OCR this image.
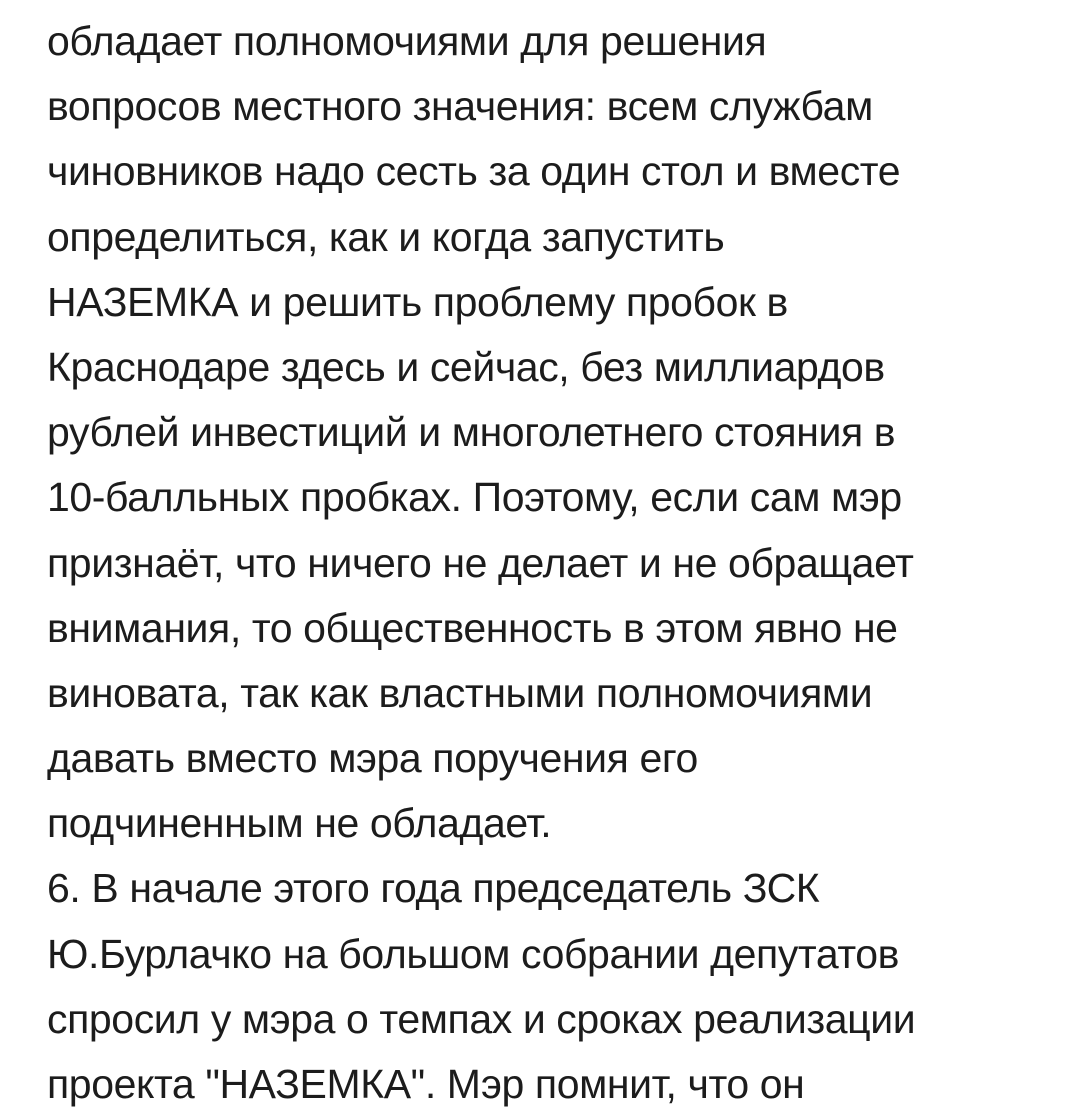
обладает полномочиями для решения
вопросов местного значения: всем службам
чиновников надо сесть за один стол и вместе
определиться, как и когда запустить
НАЗЕМКА и решить проблему пробок в
Краснодаре здесь и сейчас, без миллиардов
рублей инвестиций и многолетнего стояния в
10-балльных пробках. Поэтому, если сам мэр
признаёт, что ничего не делает и не обращает
внимания, то общественность в этом явно не
виновата, так как властными полномочиями
давать вместо мэра поручения его
подчиненным не обладает.
6. В начале этого года председатель ЗСК
Ю.Бурлачко на большом собрании депутатов
спросил у мэра о темпах и сроках реализации
проекта "НАЗЕМКА". Мэр помнит, что он
